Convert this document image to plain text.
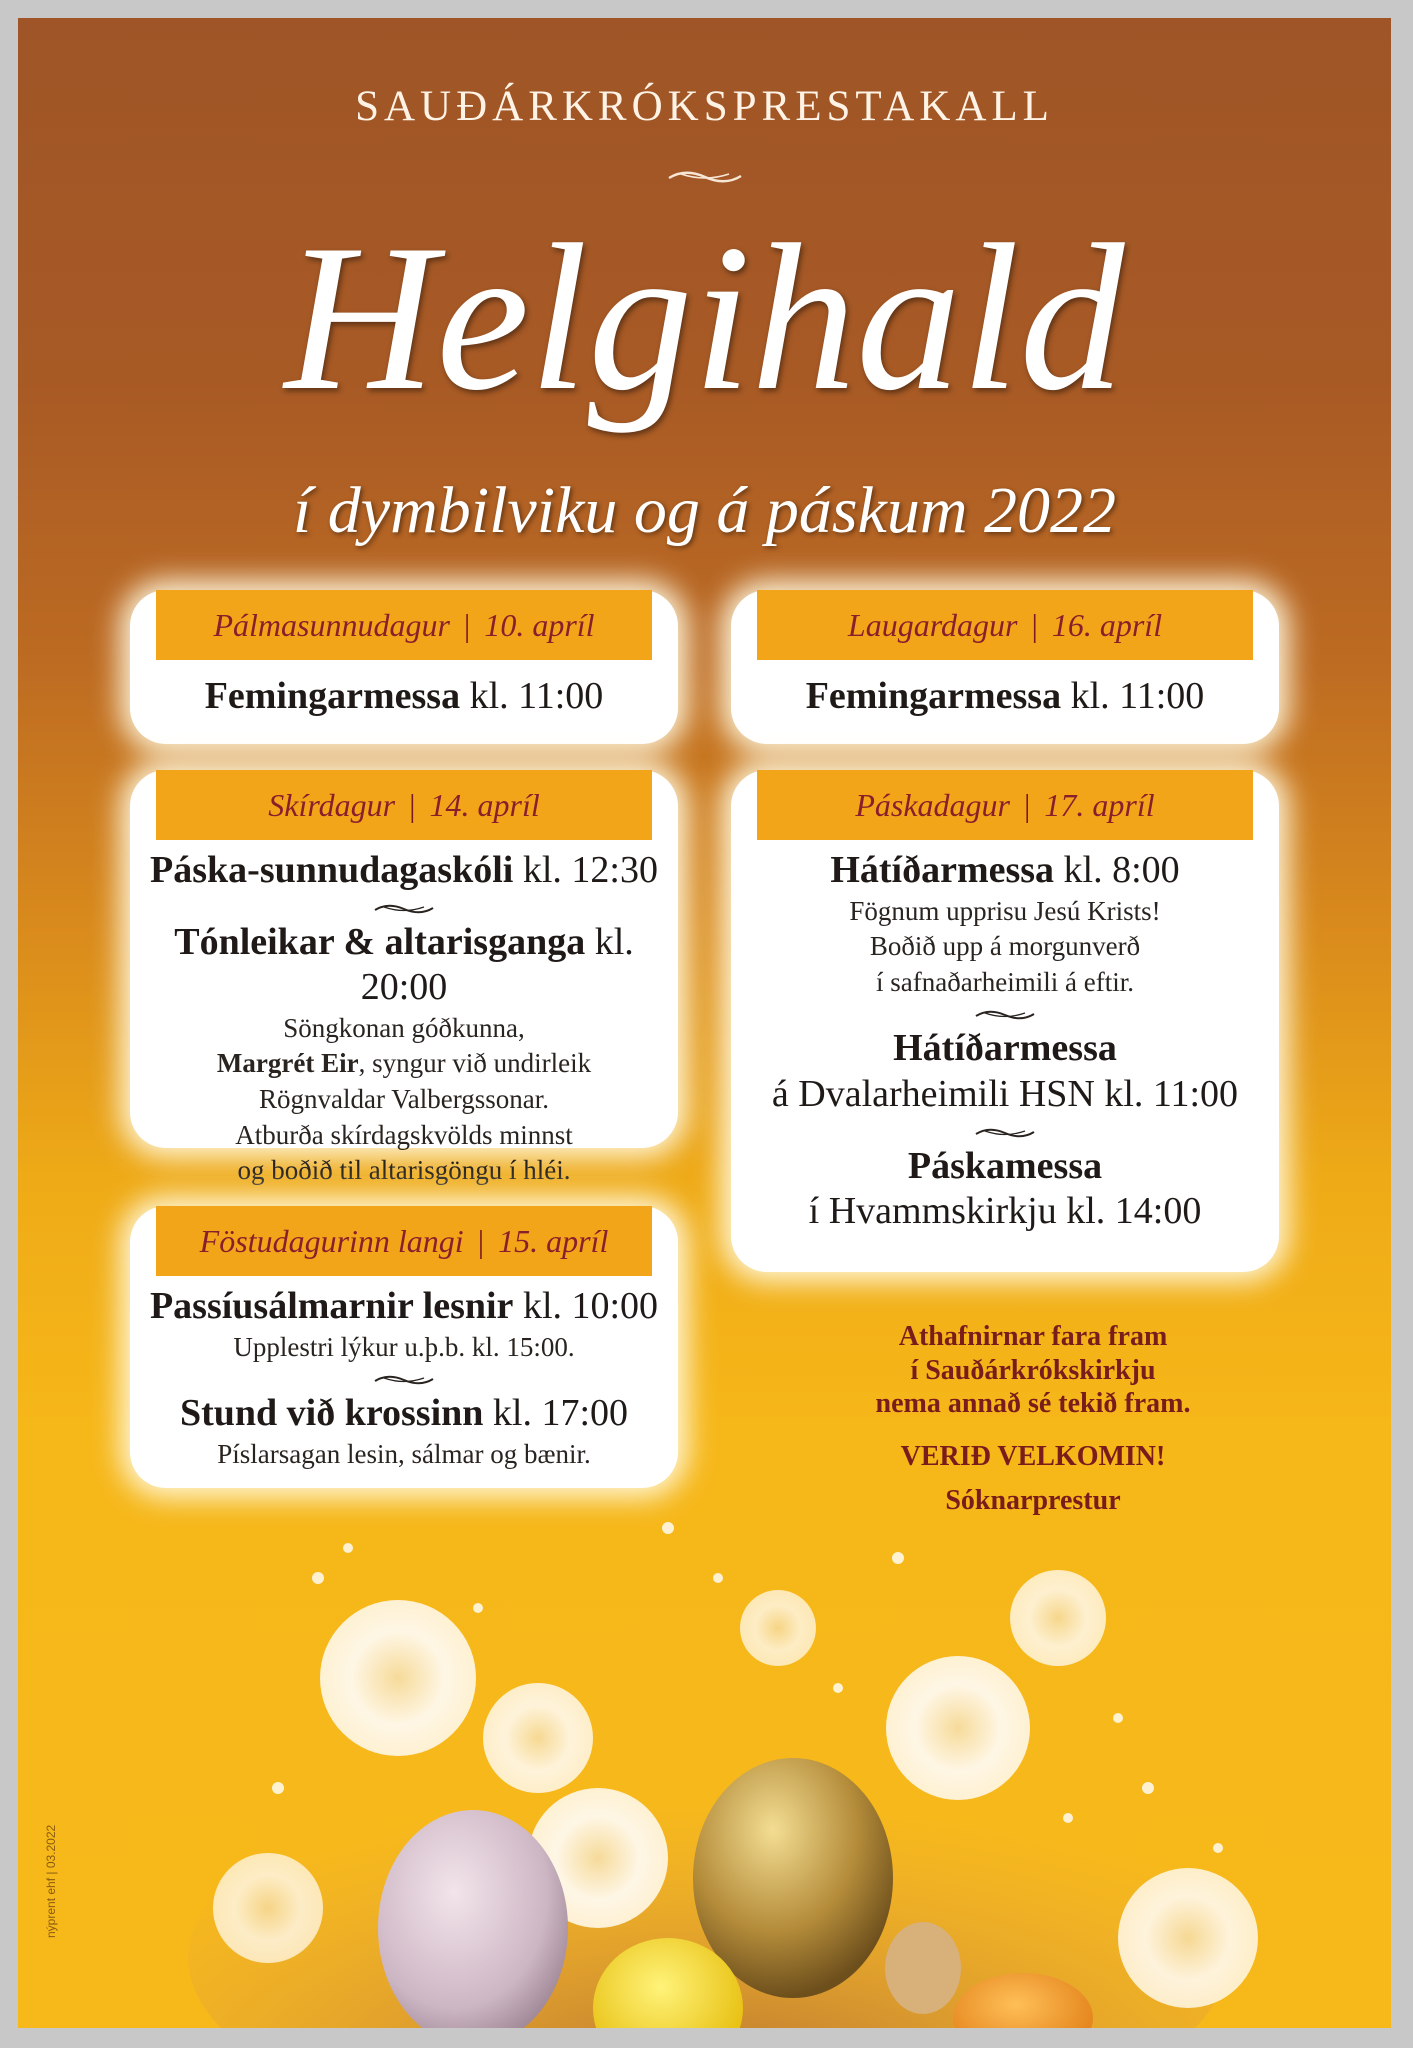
SAUÐÁRKRÓKSPRESTAKALL
Helgihald
í dymbilviku og á páskum 2022
Pálmasunnudagur | 10. apríl
Femingarmessa kl. 11:00
Laugardagur | 16. apríl
Femingarmessa kl. 11:00
Skírdagur | 14. apríl
Páska-sunnudagaskóli kl. 12:30
Tónleikar & altarisganga kl. 20:00
Söngkonan góðkunna,
Margrét Eir, syngur við undirleik
Rögnvaldar Valbergssonar.
Atburða skírdagskvölds minnst
og boðið til altarisgöngu í hléi.
Páskadagur | 17. apríl
Hátíðarmessa kl. 8:00
Fögnum upprisu Jesú Krists!
Boðið upp á morgunverð
í safnaðarheimili á eftir.
Hátíðarmessa
á Dvalarheimili HSN kl. 11:00
Páskamessa
í Hvammskirkju kl. 14:00
Föstudagurinn langi | 15. apríl
Passíusálmarnir lesnir kl. 10:00
Upplestri lýkur u.þ.b. kl. 15:00.
Stund við krossinn kl. 17:00
Píslarsagan lesin, sálmar og bænir.
Athafnirnar fara fram
í Sauðárkrókskirkju
nema annað sé tekið fram.
VERIÐ VELKOMIN!
Sóknarprestur
nýprent ehf | 03.2022
